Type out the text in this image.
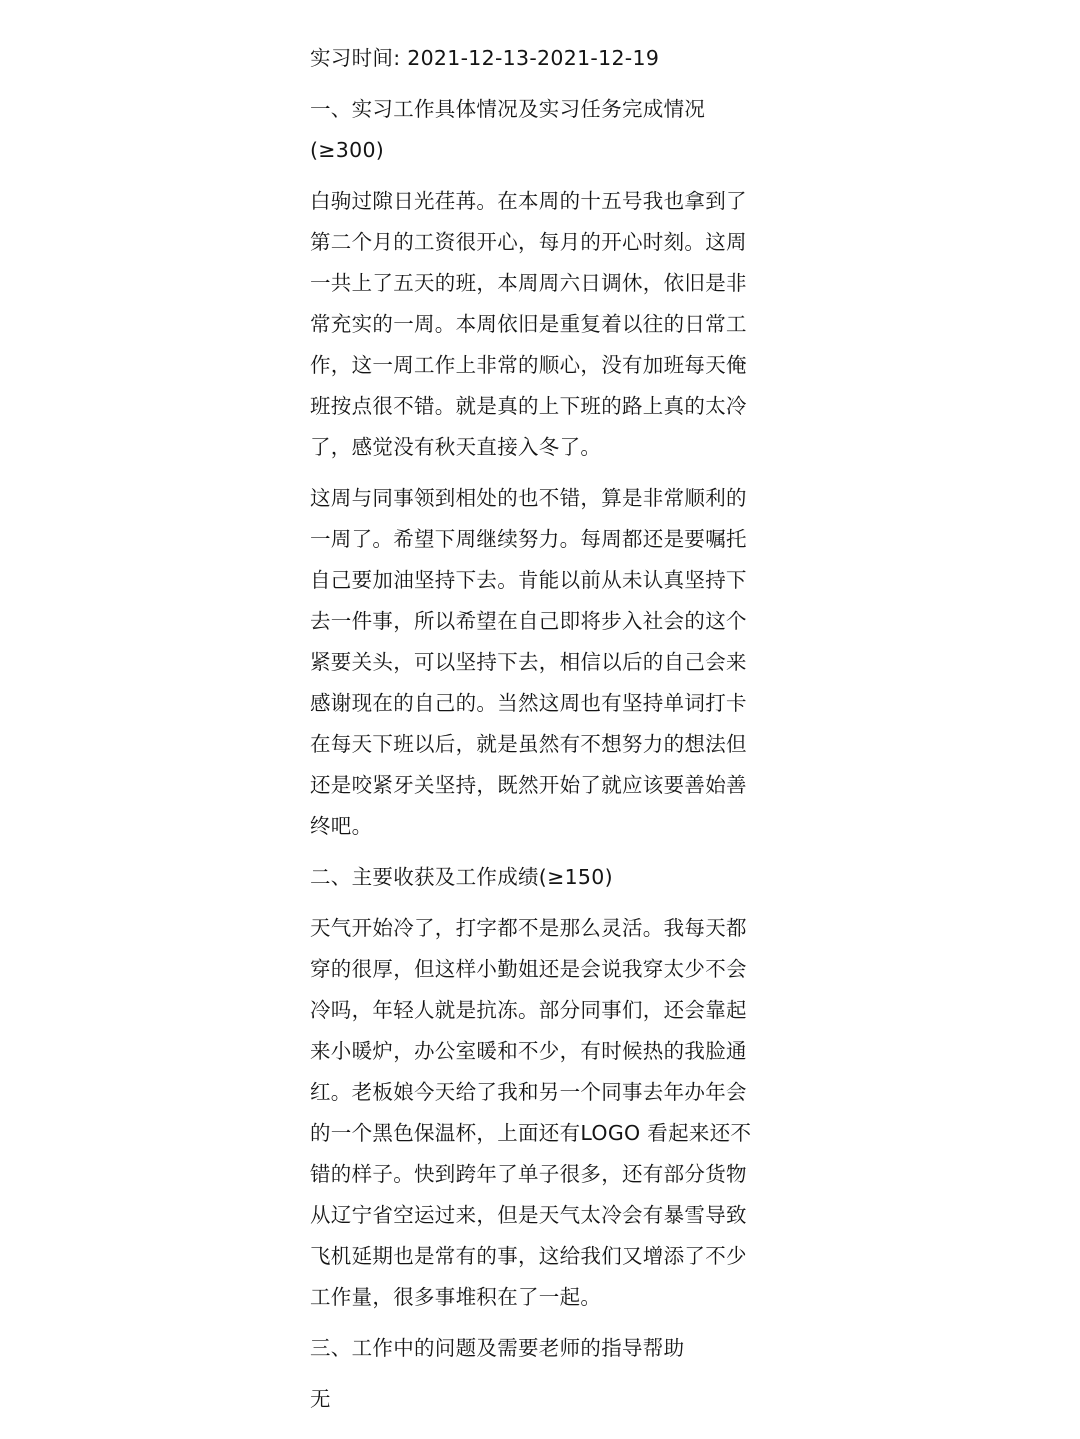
实习时间: 2021-12-13-2021-12-19
一、实习工作具体情况及实习任务完成情况
(≥300)
白驹过隙日光荏苒。在本周的十五号我也拿到了
第二个月的工资很开心，每月的开心时刻。这周
一共上了五天的班，本周周六日调休，依旧是非
常充实的一周。本周依旧是重复着以往的日常工
作，这一周工作上非常的顺心，没有加班每天俺
班按点很不错。就是真的上下班的路上真的太冷
了，感觉没有秋天直接入冬了。
这周与同事领到相处的也不错，算是非常顺利的
一周了。希望下周继续努力。每周都还是要嘱托
自己要加油坚持下去。肯能以前从未认真坚持下
去一件事，所以希望在自己即将步入社会的这个
紧要关头，可以坚持下去，相信以后的自己会来
感谢现在的自己的。当然这周也有坚持单词打卡
在每天下班以后，就是虽然有不想努力的想法但
还是咬紧牙关坚持，既然开始了就应该要善始善
终吧。
二、主要收获及工作成绩(≥150)
天气开始冷了，打字都不是那么灵活。我每天都
穿的很厚，但这样小勤姐还是会说我穿太少不会
冷吗，年轻人就是抗冻。部分同事们，还会靠起
来小暖炉，办公室暖和不少，有时候热的我脸通
红。老板娘今天给了我和另一个同事去年办年会
的一个黑色保温杯，上面还有LOGO 看起来还不
错的样子。快到跨年了单子很多，还有部分货物
从辽宁省空运过来，但是天气太冷会有暴雪导致
飞机延期也是常有的事，这给我们又增添了不少
工作量，很多事堆积在了一起。
三、工作中的问题及需要老师的指导帮助
无
